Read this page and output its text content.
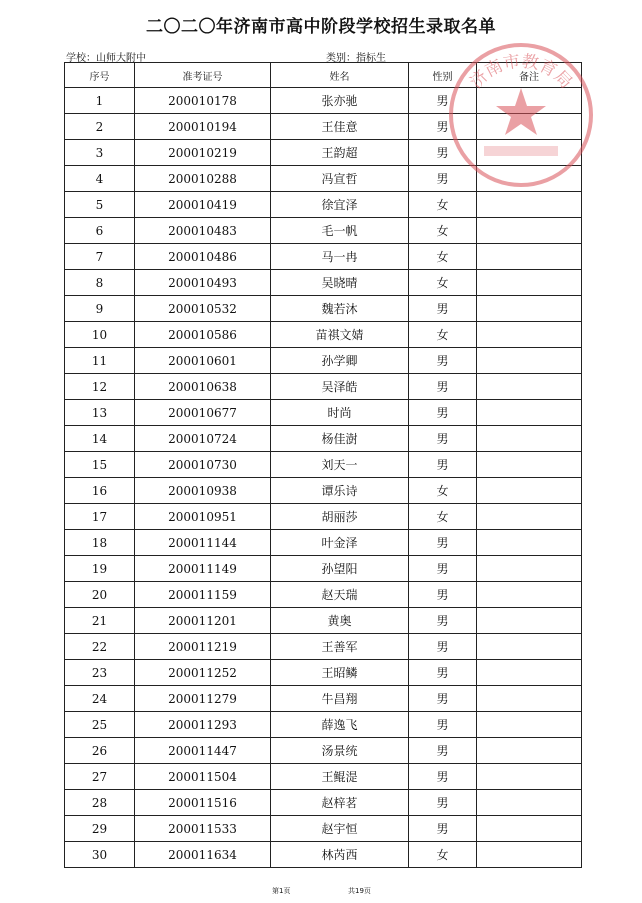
二〇二〇年济南市高中阶段学校招生录取名单
学校：山师大附中	类别：指标生
序号	准考证号	姓名	性别	备注
1	200010178	张亦驰	男	
2	200010194	王佳意	男	
3	200010219	王韵超	男	
4	200010288	冯宣哲	男	
5	200010419	徐宜泽	女	
6	200010483	毛一帆	女	
7	200010486	马一冉	女	
8	200010493	吴晓晴	女	
9	200010532	魏若沐	男	
10	200010586	苗祺文婧	女	
11	200010601	孙学卿	男	
12	200010638	吴泽皓	男	
13	200010677	时尚	男	
14	200010724	杨佳澍	男	
15	200010730	刘天一	男	
16	200010938	谭乐诗	女	
17	200010951	胡丽莎	女	
18	200011144	叶金泽	男	
19	200011149	孙望阳	男	
20	200011159	赵天瑞	男	
21	200011201	黄奥	男	
22	200011219	王善军	男	
23	200011252	王昭鳞	男	
24	200011279	牛昌翔	男	
25	200011293	薛逸飞	男	
26	200011447	汤景统	男	
27	200011504	王鲲湜	男	
28	200011516	赵梓茗	男	
29	200011533	赵宇恒	男	
30	200011634	林芮西	女	
济南市教育局
第1页	共19页
